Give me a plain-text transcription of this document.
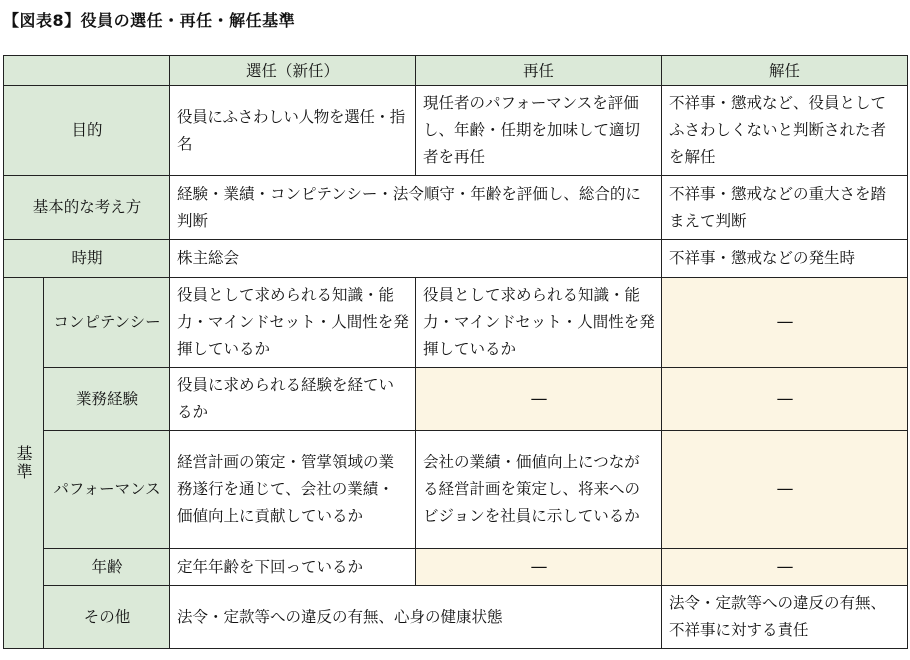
【図表8】役員の選任・再任・解任基準
		選任（新任）	再任	解任
目的		役員にふさわしい人物を選任・指名	現任者のパフォーマンスを評価し、年齢・任期を加味して適切者を再任	不祥事・懲戒など、役員としてふさわしくないと判断された者を解任
基本的な考え方		経験・業績・コンピテンシー・法令順守・年齢を評価し、総合的に判断		不祥事・懲戒などの重大さを踏まえて判断
時期		株主総会		不祥事・懲戒などの発生時
基準	コンピテンシー	役員として求められる知識・能力・マインドセット・人間性を発揮しているか	役員として求められる知識・能力・マインドセット・人間性を発揮しているか	—
	業務経験	役員に求められる経験を経ているか	—	—
	パフォーマンス	経営計画の策定・管掌領域の業務遂行を通じて、会社の業績・価値向上に貢献しているか	会社の業績・価値向上につながる経営計画を策定し、将来へのビジョンを社員に示しているか	—
	年齢	定年年齢を下回っているか	—	—
	その他	法令・定款等への違反の有無、心身の健康状態		法令・定款等への違反の有無、不祥事に対する責任
